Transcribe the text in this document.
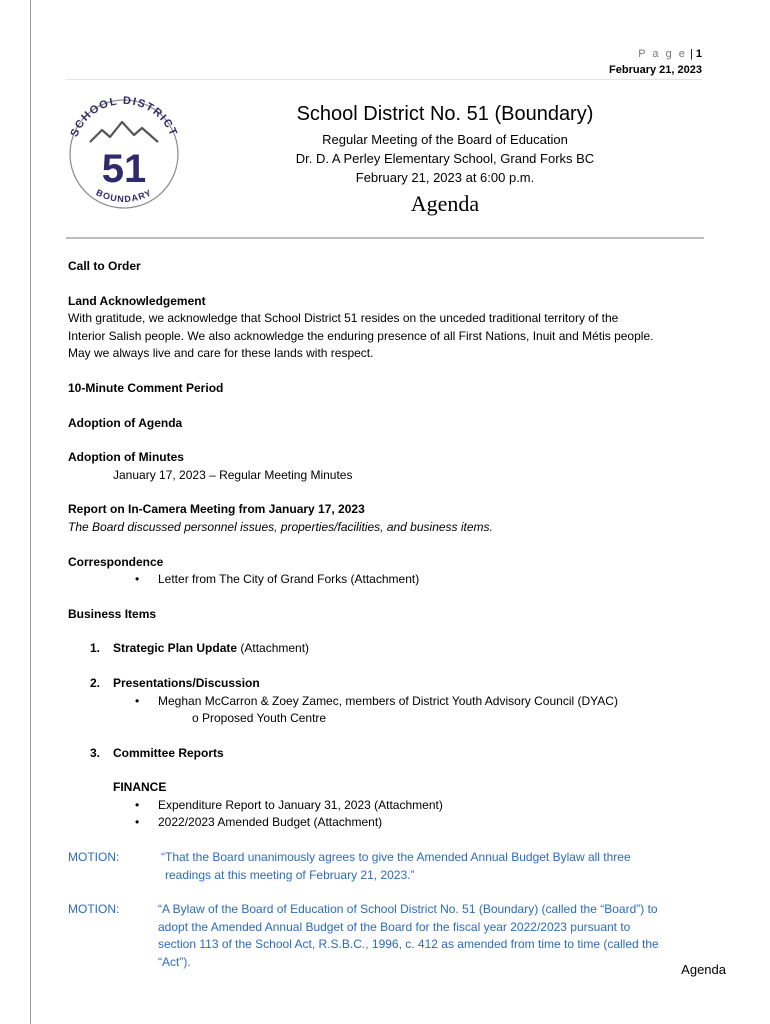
P a g e | 1
February 21, 2023
SCHOOL DISTRICT
51
BOUNDARY
School District No. 51 (Boundary)
Regular Meeting of the Board of Education
Dr. D. A Perley Elementary School, Grand Forks BC
February 21, 2023 at 6:00 p.m.
Agenda
Call to Order
Land Acknowledgement
With gratitude, we acknowledge that School District 51 resides on the unceded traditional territory of the
Interior Salish people. We also acknowledge the enduring presence of all First Nations, Inuit and Métis people.
May we always live and care for these lands with respect.
10-Minute Comment Period
Adoption of Agenda
Adoption of Minutes
January 17, 2023 – Regular Meeting Minutes
Report on In-Camera Meeting from January 17, 2023
The Board discussed personnel issues, properties/facilities, and business items.
Correspondence
• Letter from The City of Grand Forks (Attachment)
Business Items
1. Strategic Plan Update (Attachment)
2. Presentations/Discussion
• Meghan McCarron & Zoey Zamec, members of District Youth Advisory Council (DYAC)
o Proposed Youth Centre
3. Committee Reports
FINANCE
• Expenditure Report to January 31, 2023 (Attachment)
• 2022/2023 Amended Budget (Attachment)
MOTION:	“That the Board unanimously agrees to give the Amended Annual Budget Bylaw all three
readings at this meeting of February 21, 2023.”
MOTION:	“A Bylaw of the Board of Education of School District No. 51 (Boundary) (called the “Board”) to
adopt the Amended Annual Budget of the Board for the fiscal year 2022/2023 pursuant to
section 113 of the School Act, R.S.B.C., 1996, c. 412 as amended from time to time (called the
“Act”).	Agenda
